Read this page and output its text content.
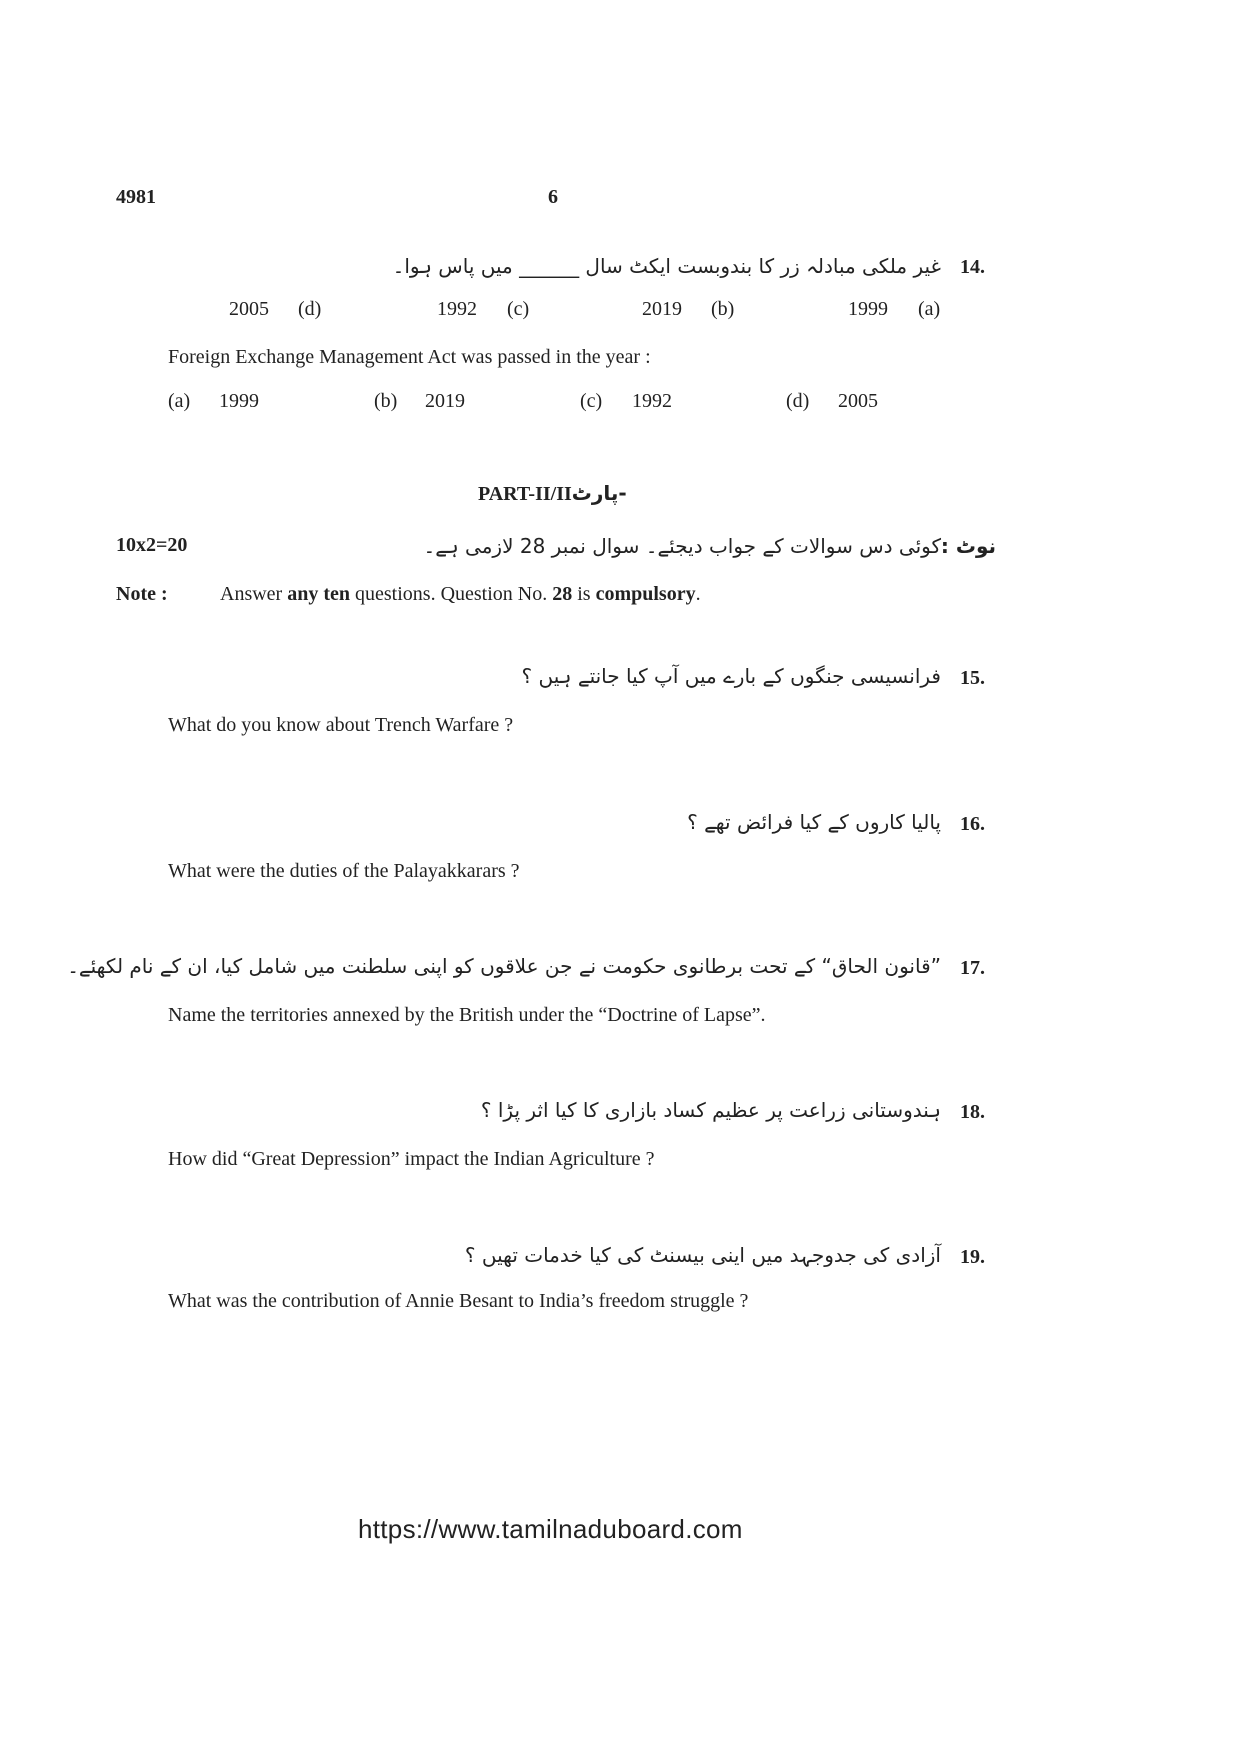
4981	6
14.
غیر ملکی مبادلہ زر کا بندوبست ایکٹ سال ______ میں پاس ہوا۔
(a)
1999
(b)
2019
(c)
1992
(d)
2005
Foreign Exchange Management Act was passed in the year :
(a) 1999	(b) 2019	(c) 1992	(d) 2005
PART-II/II-پارٹ
10x2=20	نوٹ :
کوئی دس سوالات کے جواب دیجئے۔ سوال نمبر 28 لازمی ہے۔
Note :	Answer any ten questions. Question No. 28 is compulsory.
15.
فرانسیسی جنگوں کے بارے میں آپ کیا جانتے ہیں ؟
What do you know about Trench Warfare ?
16.
پالیا کاروں کے کیا فرائض تھے ؟
What were the duties of the Palayakkarars ?
17.
”قانون الحاق“ کے تحت برطانوی حکومت نے جن علاقوں کو اپنی سلطنت میں شامل کیا، ان کے نام لکھئے۔
Name the territories annexed by the British under the “Doctrine of Lapse”.
18.
ہندوستانی زراعت پر عظیم کساد بازاری کا کیا اثر پڑا ؟
How did “Great Depression” impact the Indian Agriculture ?
19.
آزادی کی جدوجہد میں اینی بیسنٹ کی کیا خدمات تھیں ؟
What was the contribution of Annie Besant to India’s freedom struggle ?
https://www.tamilnaduboard.com
